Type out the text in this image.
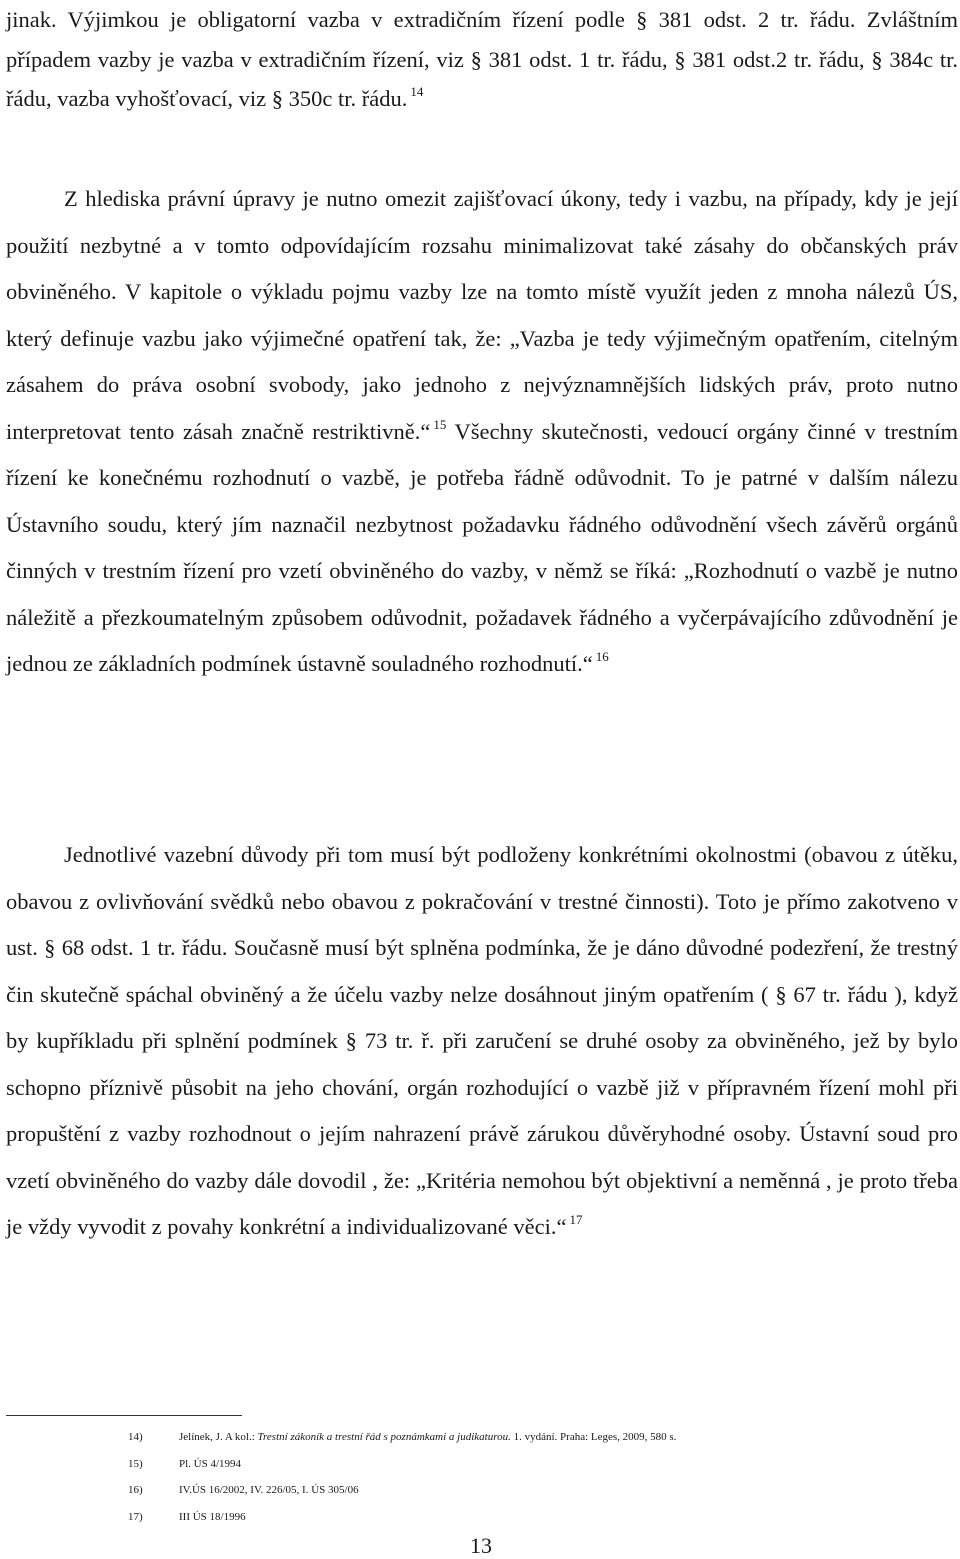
jinak. Výjimkou je obligatorní vazba v extradičním řízení podle § 381 odst. 2 tr. řádu. Zvláštním případem vazby je vazba v extradičním řízení, viz § 381 odst. 1 tr. řádu, § 381 odst.2 tr. řádu, § 384c tr. řádu, vazba vyhošťovací, viz § 350c tr. řádu. $^{14}$

Z hlediska právní úpravy je nutno omezit zajišťovací úkony, tedy i vazbu, na případy, kdy je její použití nezbytné a v tomto odpovídajícím rozsahu minimalizovat také zásahy do občanských práv obviněného. V kapitole o výkladu pojmu vazby lze na tomto místě využít jeden z mnoha nálezů ÚS, který definuje vazbu jako výjimečné opatření tak, že: „Vazba je tedy výjimečným opatřením, citelným zásahem do práva osobní svobody, jako jednoho z nejvýznamnějších lidských práv, proto nutno interpretovat tento zásah značně restriktivně.“ $^{15}$ Všechny skutečnosti, vedoucí orgány činné v trestním řízení ke konečnému rozhodnutí o vazbě, je potřeba řádně odůvodnit. To je patrné v dalším nálezu Ústavního soudu, který jím naznačil nezbytnost požadavku řádného odůvodnění všech závěrů orgánů činných v trestním řízení pro vzetí obviněného do vazby, v němž se říká: „Rozhodnutí o vazbě je nutno náležitě a přezkoumatelným způsobem odůvodnit, požadavek řádného a vyčerpávajícího zdůvodnění je jednou ze základních podmínek ústavně souladného rozhodnutí.“ $^{16}$

Jednotlivé vazební důvody při tom musí být podloženy konkrétními okolnostmi (obavou z útěku, obavou z ovlivňování svědků nebo obavou z pokračování v trestné činnosti). Toto je přímo zakotveno v ust. § 68 odst. 1 tr. řádu. Současně musí být splněna podmínka, že je dáno důvodné podezření, že trestný čin skutečně spáchal obviněný a že účelu vazby nelze dosáhnout jiným opatřením ( § 67 tr. řádu ), když by kupříkladu při splnění podmínek § 73 tr. ř. při zaručení se druhé osoby za obviněného, jež by bylo schopno příznivě působit na jeho chování, orgán rozhodující o vazbě již v přípravném řízení mohl při propuštění z vazby rozhodnout o jejím nahrazení právě zárukou důvěryhodné osoby. Ústavní soud pro vzetí obviněného do vazby dále dovodil , že: „Kritéria nemohou být objektivní a neměnná , je proto třeba je vždy vyvodit z povahy konkrétní a individualizované věci.“ $^{17}$

14)	Jelínek, J. A kol.: Trestní zákoník a trestní řád s poznámkami a judikaturou. 1. vydání. Praha: Leges, 2009, 580 s.
15)	Pl. ÚS 4/1994
16)	IV.ÚS 16/2002, IV. 226/05, I. ÚS 305/06
17)	III ÚS 18/1996
13
